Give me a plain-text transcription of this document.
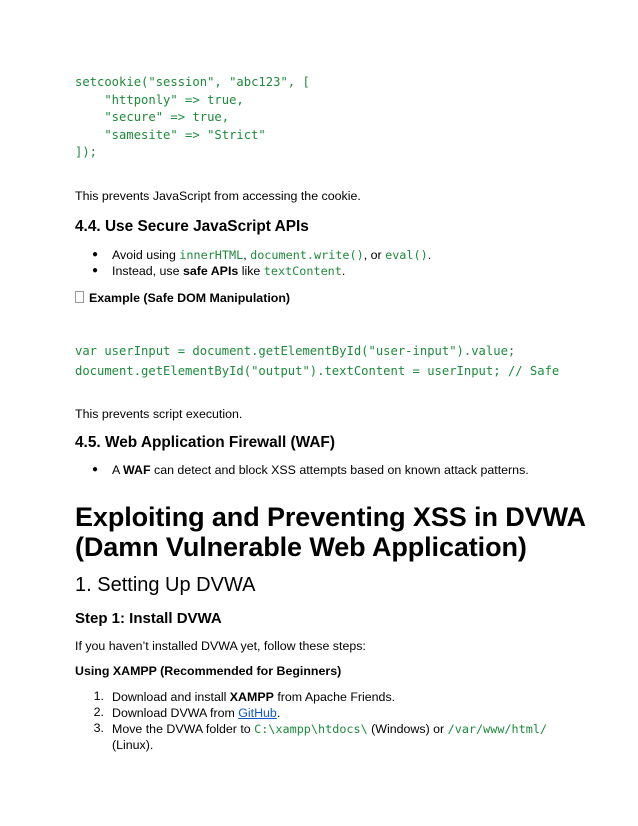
setcookie("session", "abc123", [
"httponly" => true,
"secure" => true,
"samesite" => "Strict"
]);
This prevents JavaScript from accessing the cookie.
4.4. Use Secure JavaScript APIs
● Avoid using innerHTML, document.write(), or eval().
● Instead, use safe APIs like textContent.
Example (Safe DOM Manipulation)
var userInput = document.getElementById("user-input").value;
document.getElementById("output").textContent = userInput; // Safe
This prevents script execution.
4.5. Web Application Firewall (WAF)
● A WAF can detect and block XSS attempts based on known attack patterns.
Exploiting and Preventing XSS in DVWA
(Damn Vulnerable Web Application)
1. Setting Up DVWA
Step 1: Install DVWA
If you haven’t installed DVWA yet, follow these steps:
Using XAMPP (Recommended for Beginners)
1. Download and install XAMPP from Apache Friends.
2. Download DVWA from GitHub.
3. Move the DVWA folder to C:\xampp\htdocs\ (Windows) or /var/www/html/
(Linux).
